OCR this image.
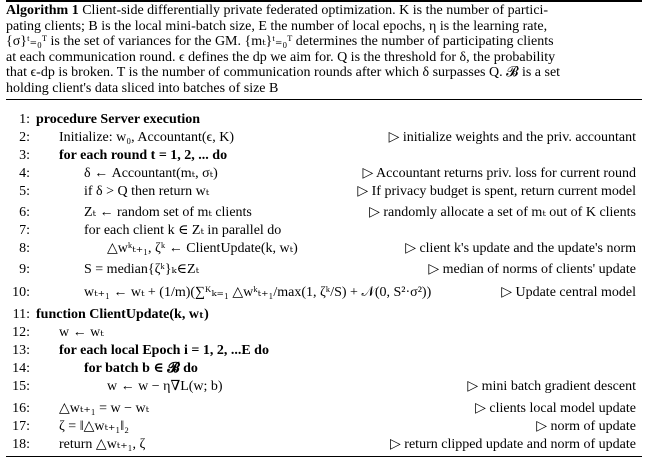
Algorithm 1 Client-side differentially private federated optimization. K is the number of partici-
pating clients; B is the local mini-batch size, E the number of local epochs, η is the learning rate,
{σ}ᵗ₌₀ᵀ is the set of variances for the GM. {mₜ}ᵗ₌₀ᵀ determines the number of participating clients
at each communication round. ϵ defines the dp we aim for. Q is the threshold for δ, the probability
that ϵ-dp is broken. T is the number of communication rounds after which δ surpasses Q. 𝓑 is a set
holding client's data sliced into batches of size B
1: procedure Server execution
2: Initialize: w₀, Accountant(ϵ, K)	▷ initialize weights and the priv. accountant
3: for each round t = 1, 2, ... do
4:	δ ← Accountant(mₜ, σₜ)	▷ Accountant returns priv. loss for current round
5:	if δ > Q then return wₜ	▷ If privacy budget is spent, return current model
6:	Zₜ ← random set of mₜ clients	▷ randomly allocate a set of mₜ out of K clients
7:	for each client k ∈ Zₜ in parallel do
8:	△wᵏₜ₊₁, ζᵏ ← ClientUpdate(k, wₜ)	▷ client k's update and the update's norm
9:	S = median{ζᵏ}ₖ∈Zₜ	▷ median of norms of clients' update
10:	wₜ₊₁ ← wₜ + (1/m)(∑ᴷₖ₌₁ △wᵏₜ₊₁/max(1, ζᵏ/S) + 𝒩(0, S²·σ²))	▷ Update central model
11: function ClientUpdate(k, wₜ)
12: w ← wₜ
13: for each local Epoch i = 1, 2, ...E do
14:	for batch b ∈ 𝓑 do
15:	w ← w − η∇L(w; b)	▷ mini batch gradient descent
16: △wₜ₊₁ = w − wₜ	▷ clients local model update
17: ζ = ‖△wₜ₊₁‖₂	▷ norm of update
18: return △wₜ₊₁, ζ	▷ return clipped update and norm of update
